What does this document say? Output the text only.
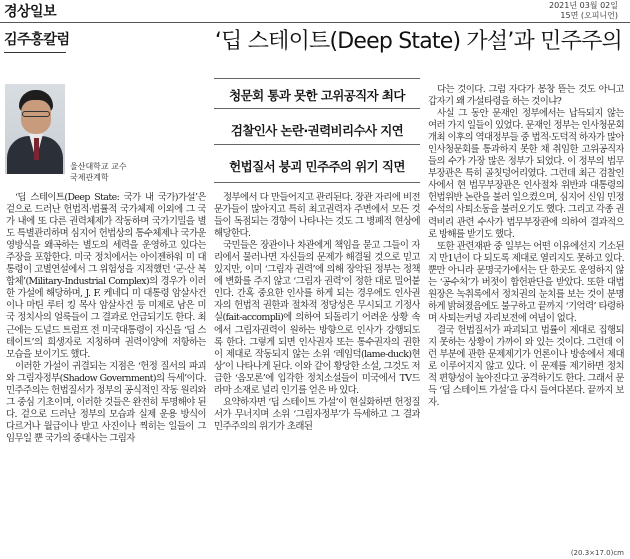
경상일보	2021년 03월 02일
15면 (오피니언)
김주홍칼럼	‘딥 스테이트(Deep State) 가설’과 민주주의
울산대학교 교수
국제관계학
청문회 통과 못한 고위공직자 최다
검찰인사 논란·권력비리수사 지연
헌법질서 붕괴 민주주의 위기 직면

‘딥 스테이트(Deep State: 국가 내 국가)가설’은 겉으로 드러난 헌법적·법률적 국가체제 이외에 그 국가 내에 또 다른 권력체제가 작동하며 국가기밀을 별도 특별관리하며 심지어 헌법상의 통수체제나 국가운영방식을 왜곡하는 별도의 세력을 운영하고 있다는 주장을 포함한다. 미국 정치에서는 아이젠하워 미 대통령이 고별연설에서 그 위험성을 지적했던 ‘군·산 복합체’(Military-Industrial Complex)의 경우가 이러한 가설에 해당하며, J. F. 케네디 미 대통령 암살사건이나 마틴 루터 킹 목사 암살사건 등 미제로 남은 미국 정치사의 얼룩들이 그 결과로 언급되기도 한다. 최근에는 도널드 트럼프 전 미국대통령이 자신을 ‘딥 스테이트’의 희생자로 지칭하며 권력이양에 저항하는 모습을 보이기도 했다.
이러한 가설이 귀결되는 지점은 ‘헌정 질서의 파괴와 그림자정부(Shadow Government)의 득세’이다. 민주주의는 헌법질서가 정부의 공식적인 작동 원리와 그 중심 기초이며, 이러한 것들은 완전히 투명해야 된다. 겉으로 드러난 정부의 모습과 실제 운용 방식이 다르거나 월급이나 받고 사진이나 찍히는 일들이 그 임무일 뿐 국가의 중대사는 그림자

정부에서 다 만들어지고 관리된다. 장관 자리에 비전문가들이 많아지고 특히 최고권력자 주변에서 모든 것들이 독점되는 경향이 나타나는 것도 그 병폐적 현상에 해당한다.
국민들은 장관이나 차관에게 책임을 묻고 그들이 자리에서 물러나면 자신들의 문제가 해결될 것으로 믿고 있지만, 이미 ‘그림자 권력’에 의해 장악된 정부는 정책에 변화를 주지 않고 ‘그림자 권력’이 정한 대로 밀어붙인다. 간혹 중요한 인사를 하게 되는 경우에도 인사권자의 헌법적 권한과 절차적 정당성은 무시되고 기정사실(fait-accompli)에 의하여 되돌리기 어려운 상황 속에서 그림자권력이 원하는 방향으로 인사가 강행되도록 한다. 그렇게 되면 인사권자 또는 통수권자의 권한이 제대로 작동되지 않는 소위 ‘레임덕(lame-duck)현상’이 나타나게 된다. 이와 같이 황당한 소설, 그것도 저급한 ‘음모론’에 입각한 정치소설들이 미국에서 TV드라마 소재로 널리 인기를 얻은 바 있다.
요약하자면 ‘딥 스테이트 가설’이 현실화하면 헌정질서가 무너지며 소위 ‘그림자정부’가 득세하고 그 결과 민주주의의 위기가 초래된

다는 것이다. 그럼 자다가 봉창 뜯는 것도 아니고 갑자기 왜 가설타령을 하는 것이냐?
사실 그 동안 문재인 정부에서는 납득되지 않는 여러 가지 일들이 있었다. 문재인 정부는 인사청문회 개최 이후의 역대정부들 중 법적·도덕적 하자가 많아 인사청문회를 통과하지 못한 채 취임한 고위공직자들의 수가 가장 많은 정부가 되었다. 이 정부의 법무부장관은 특히 골칫덩어리였다. 그런데 최근 검찰인사에서 현 법무부장관은 인사절차 위반과 대통령의 헌법위반 논란을 불러 일으켰으며, 심지어 신임 민정수석의 사퇴소동을 불러오기도 했다. 그리고 각종 권력비리 관련 수사가 법무부장관에 의하여 결과적으로 방해를 받기도 했다.
또한 관련재판 중 일부는 어떤 이유에선지 기소된 지 만1년이 다 되도록 제대로 열리지도 못하고 있다. 뿐만 아니라 문명국가에서는 단 한곳도 운영하지 않는 ‘공수처’가 버젓이 합헌판단을 받았다. 또한 대법원장은 녹취록에서 정치권의 눈치를 보는 것이 분명하게 밝혀졌음에도 불구하고 끝까지 ‘기억력’ 타령하며 사퇴는커녕 자리보전에 여념이 없다.
결국 헌법질서가 파괴되고 법률이 제대로 집행되지 못하는 상황이 가까이 와 있는 것이다. 그런데 이런 부분에 관한 문제제기가 언론이나 방송에서 제대로 이루어지지 않고 있다. 이 문제를 제기하면 정치적 편향성이 높아진다고 공격하기도 한다. 그래서 문득 ‘딥 스테이트 가설’을 다시 들여다본다. 끝까지 보자.

(20.3×17.0)cm
